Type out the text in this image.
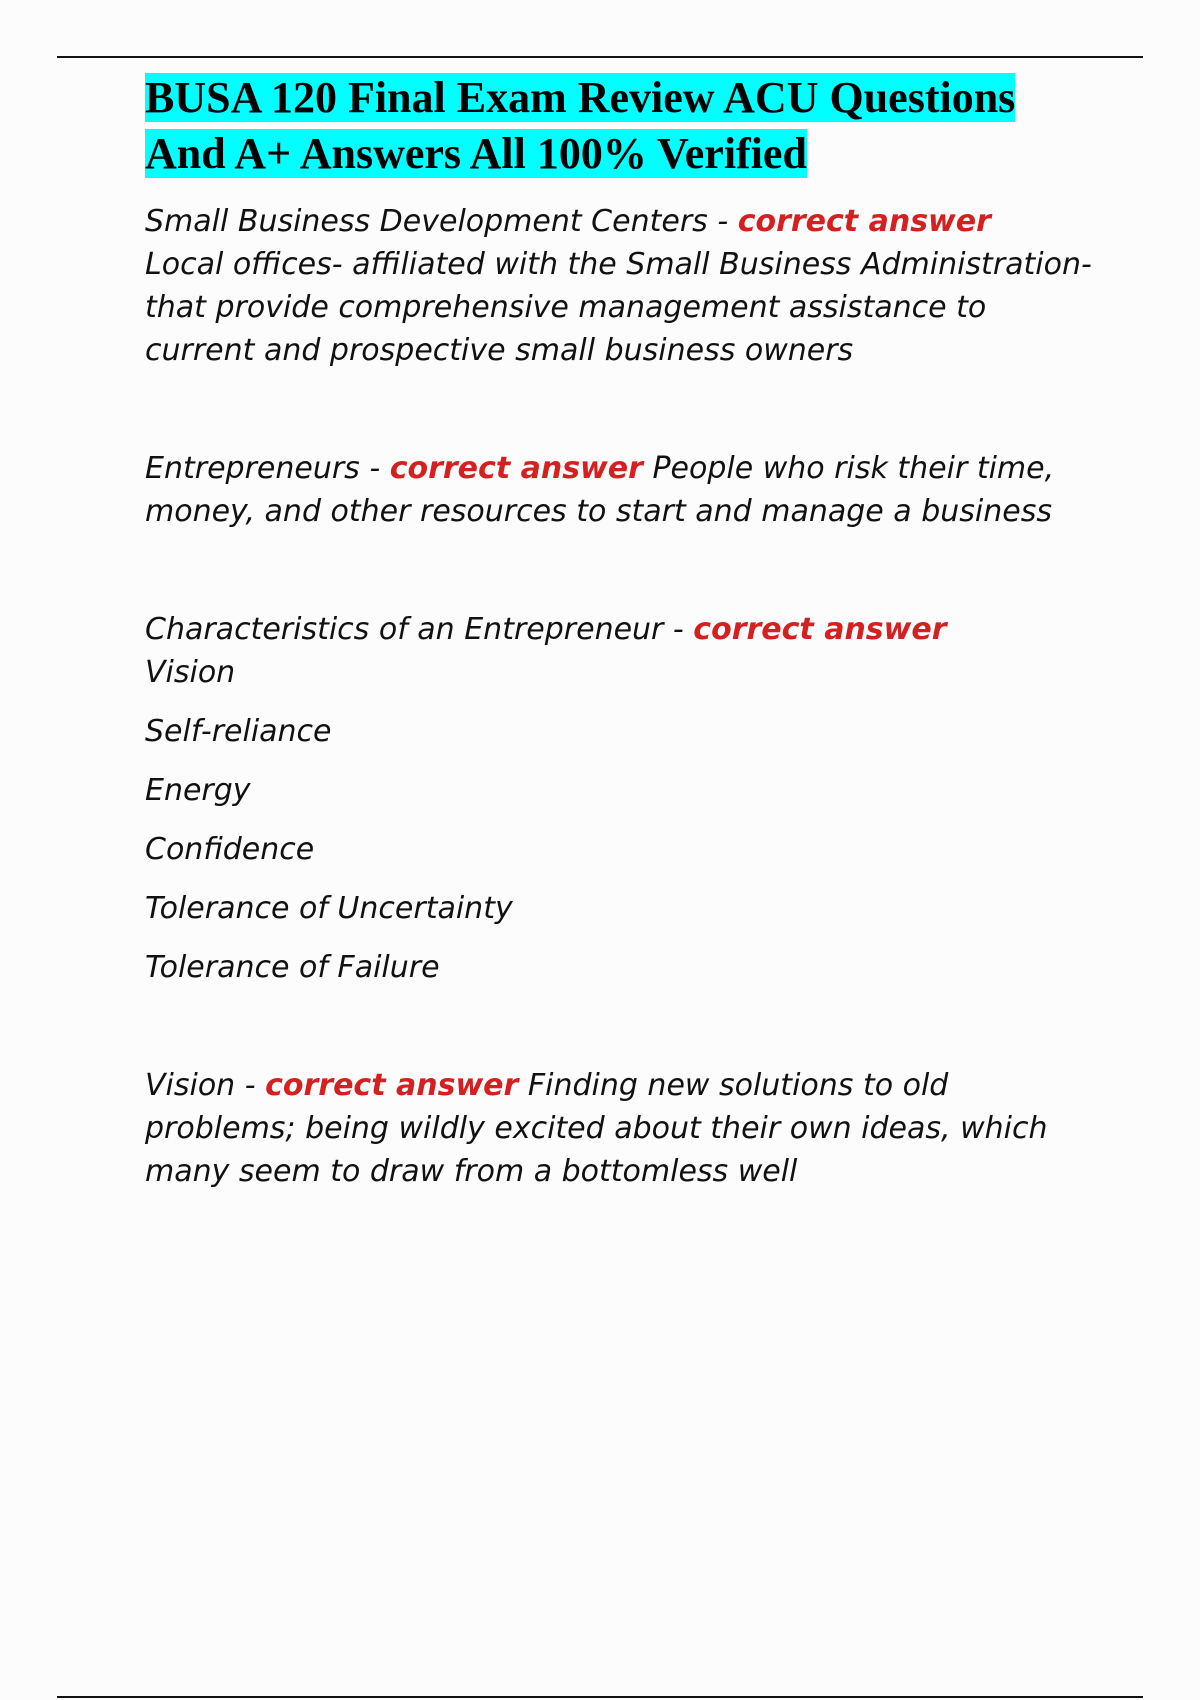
BUSA 120 Final Exam Review ACU Questions And A+ Answers All 100% Verified

Small Business Development Centers - correct answer
Local offices- affiliated with the Small Business Administration- that provide comprehensive management assistance to current and prospective small business owners

Entrepreneurs - correct answer People who risk their time, money, and other resources to start and manage a business

Characteristics of an Entrepreneur - correct answer
Vision

Self-reliance

Energy

Confidence

Tolerance of Uncertainty

Tolerance of Failure

Vision - correct answer Finding new solutions to old problems; being wildly excited about their own ideas, which many seem to draw from a bottomless well
